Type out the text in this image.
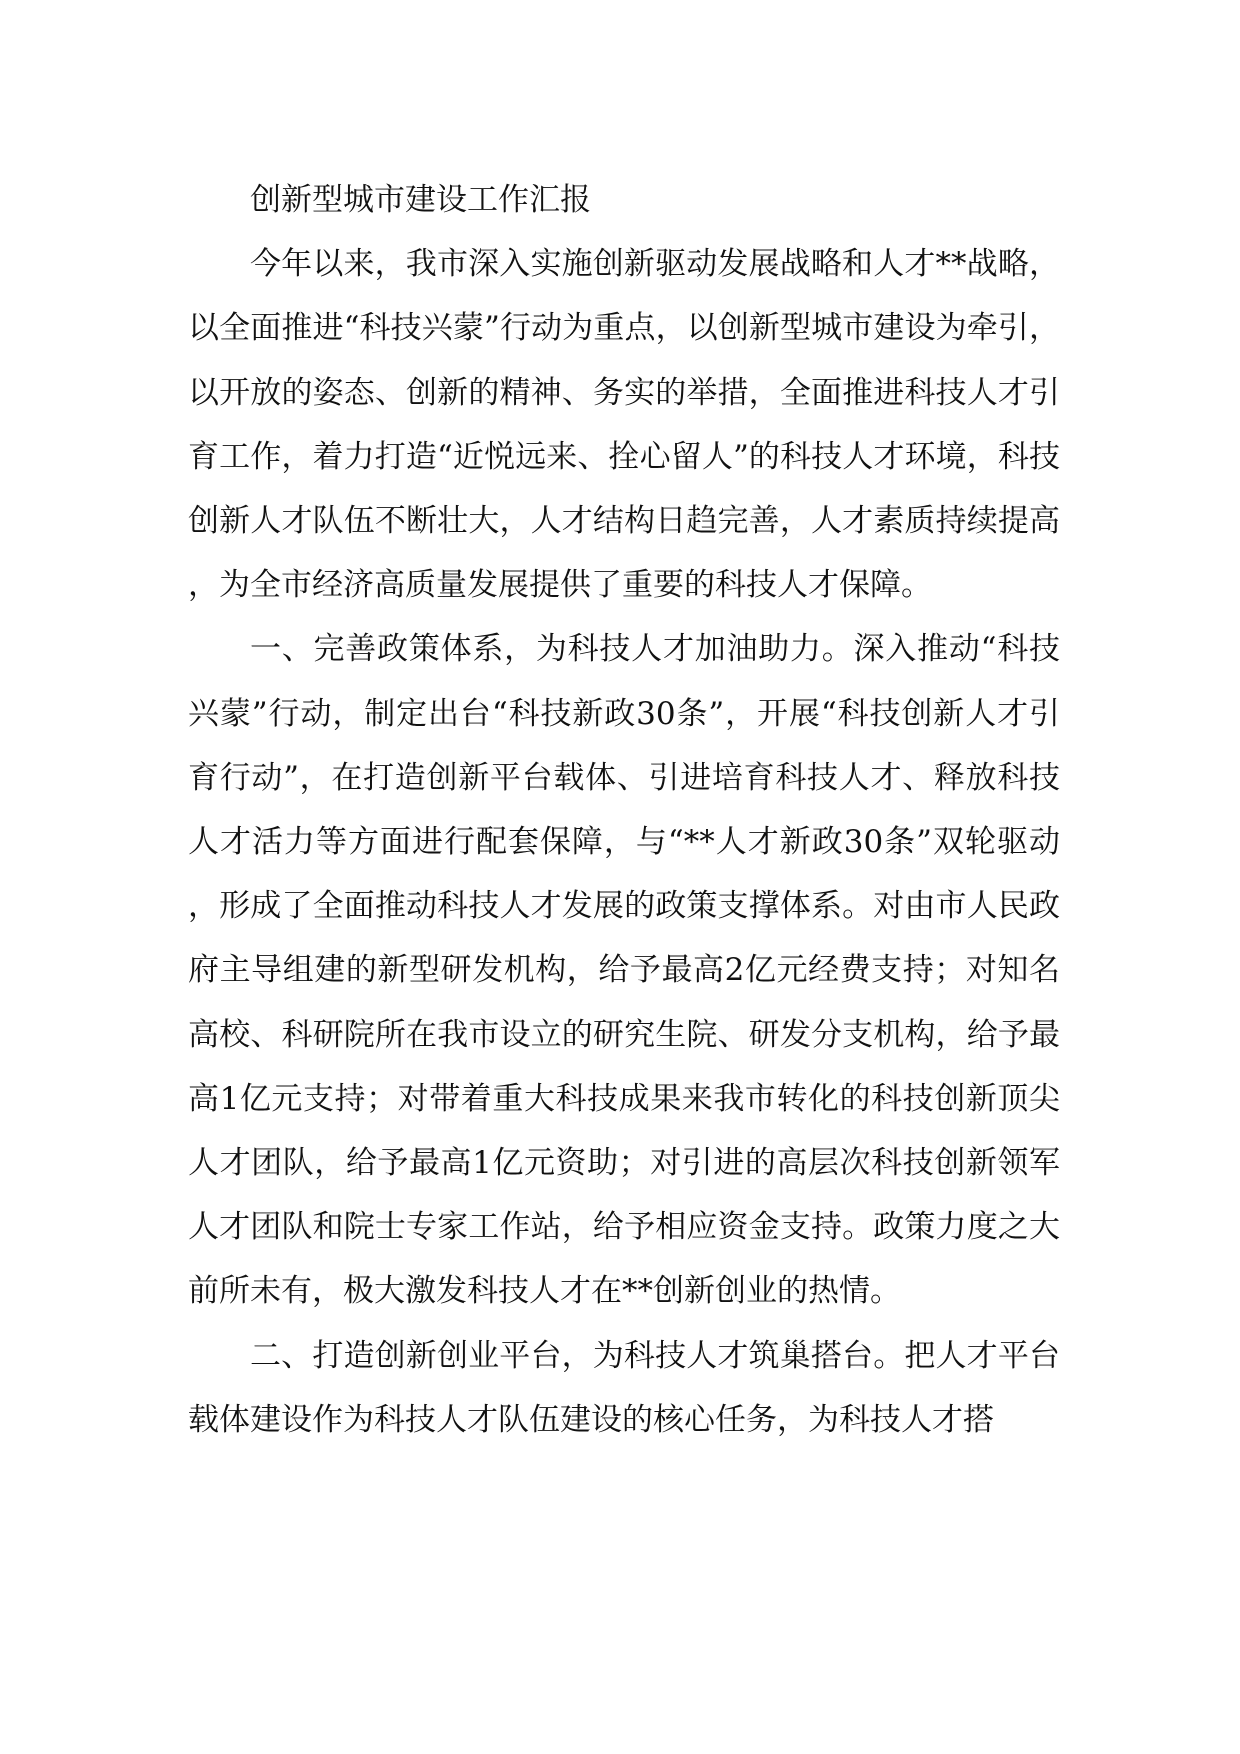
创新型城市建设工作汇报

今年以来，我市深入实施创新驱动发展战略和人才**战略，以全面推进“科技兴蒙”行动为重点，以创新型城市建设为牵引，以开放的姿态、创新的精神、务实的举措，全面推进科技人才引育工作，着力打造“近悦远来、拴心留人”的科技人才环境，科技创新人才队伍不断壮大，人才结构日趋完善，人才素质持续提高，为全市经济高质量发展提供了重要的科技人才保障。

一、完善政策体系，为科技人才加油助力。深入推动“科技兴蒙”行动，制定出台“科技新政30条”，开展“科技创新人才引育行动”，在打造创新平台载体、引进培育科技人才、释放科技人才活力等方面进行配套保障，与“**人才新政30条”双轮驱动，形成了全面推动科技人才发展的政策支撑体系。对由市人民政府主导组建的新型研发机构，给予最高2亿元经费支持；对知名高校、科研院所在我市设立的研究生院、研发分支机构，给予最高1亿元支持；对带着重大科技成果来我市转化的科技创新顶尖人才团队，给予最高1亿元资助；对引进的高层次科技创新领军人才团队和院士专家工作站，给予相应资金支持。政策力度之大前所未有，极大激发科技人才在**创新创业的热情。

二、打造创新创业平台，为科技人才筑巢搭台。把人才平台载体建设作为科技人才队伍建设的核心任务，为科技人才搭
